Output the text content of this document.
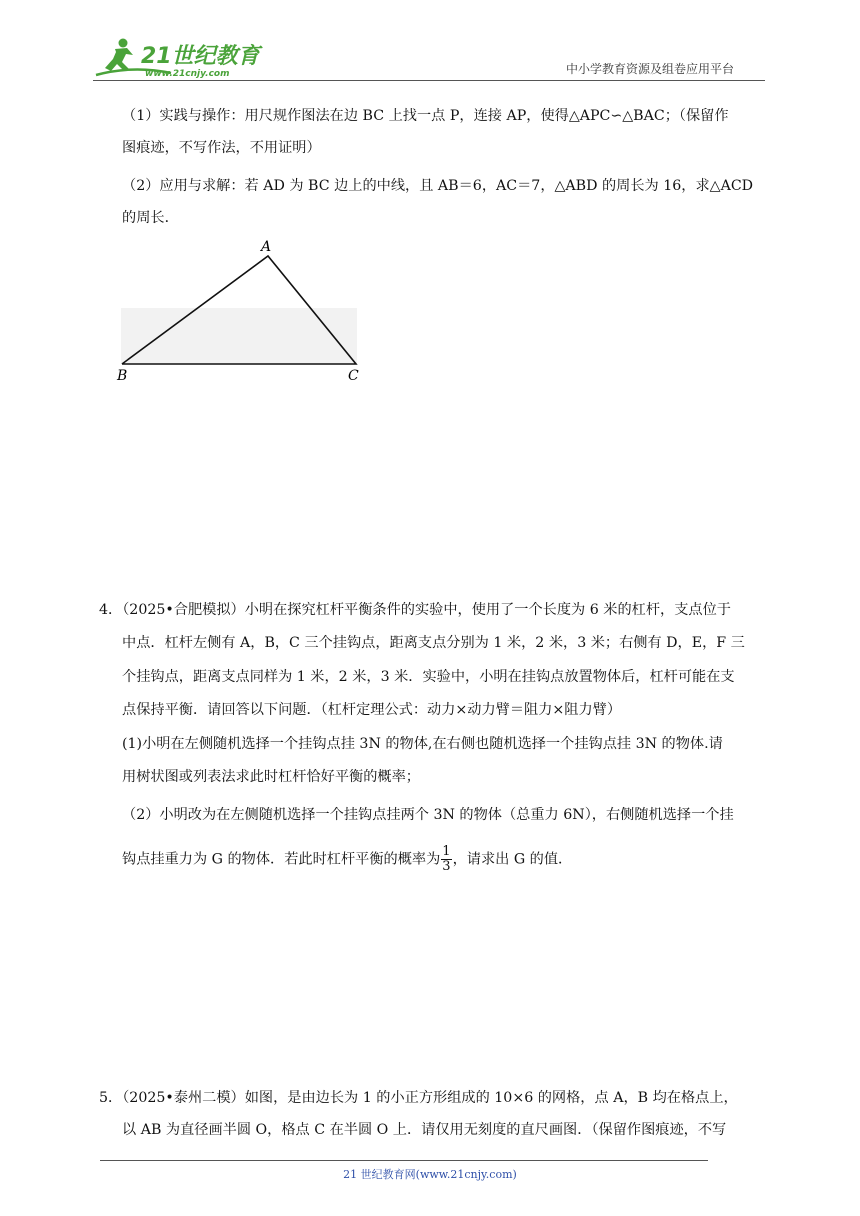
21世纪教育
www.21cnjy.com	中小学教育资源及组卷应用平台
（1）实践与操作：用尺规作图法在边 BC 上找一点 P，连接 AP，使得△APC∽△BAC；（保留作
图痕迹，不写作法，不用证明）
（2）应用与求解：若 AD 为 BC 边上的中线，且 AB＝6，AC＝7，△ABD 的周长为 16，求△ACD
的周长．
A
B	C
4．（2025•合肥模拟）小明在探究杠杆平衡条件的实验中，使用了一个长度为 6 米的杠杆，支点位于
中点．杠杆左侧有 A，B，C 三个挂钩点，距离支点分别为 1 米，2 米，3 米；右侧有 D，E，F 三
个挂钩点，距离支点同样为 1 米，2 米，3 米．实验中，小明在挂钩点放置物体后，杠杆可能在支
点保持平衡．请回答以下问题．（杠杆定理公式：动力×动力臂＝阻力×阻力臂）
(1)小明在左侧随机选择一个挂钩点挂 3N 的物体,在右侧也随机选择一个挂钩点挂 3N 的物体.请
用树状图或列表法求此时杠杆恰好平衡的概率；
（2）小明改为在左侧随机选择一个挂钩点挂两个 3N 的物体（总重力 6N），右侧随机选择一个挂
钩点挂重力为 G 的物体．若此时杠杆平衡的概率为 $\frac{1}{3}$ ，请求出 G 的值．
5．（2025•泰州二模）如图，是由边长为 1 的小正方形组成的 10×6 的网格，点 A，B 均在格点上，
以 AB 为直径画半圆 O，格点 C 在半圆 O 上．请仅用无刻度的直尺画图．（保留作图痕迹，不写
21 世纪教育网(www.21cnjy.com)
